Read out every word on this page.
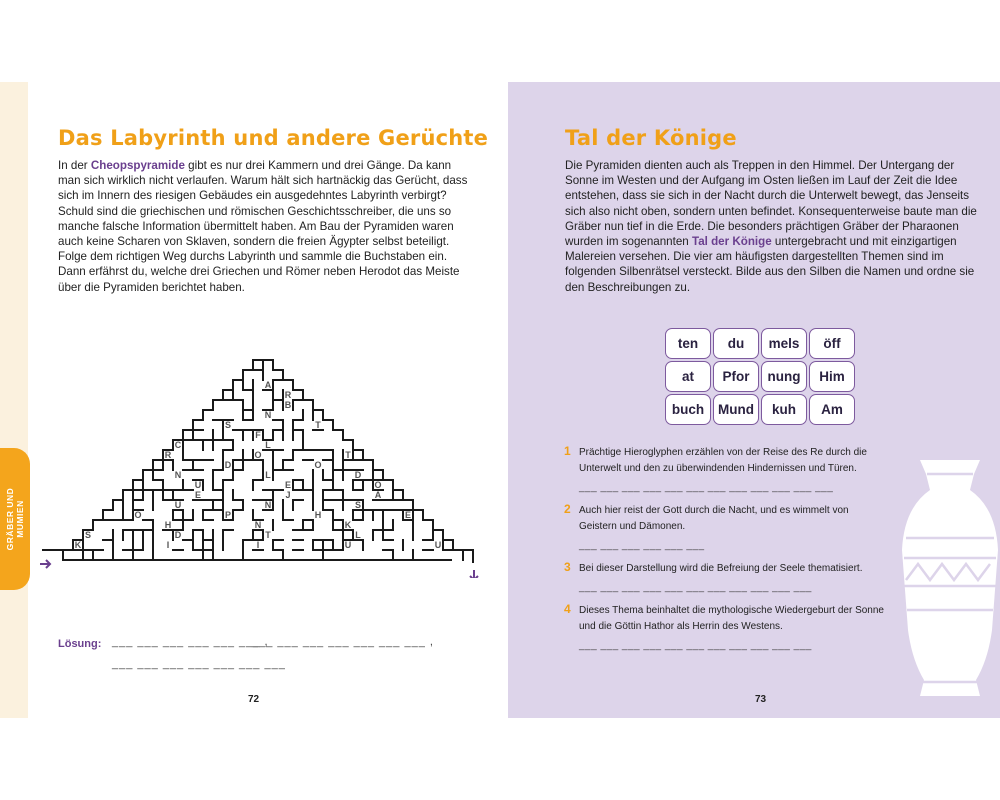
GRÄBER UND
MUMIEN
Das Labyrinth und andere Gerüchte

In der Cheopspyramide gibt es nur drei Kammern und drei Gänge. Da kann man sich wirklich nicht verlaufen. Warum hält sich hartnäckig das Gerücht, dass sich im Innern des riesigen Gebäudes ein ausgedehntes Labyrinth verbirgt? Schuld sind die griechischen und römischen Geschichtsschreiber, die uns so manche falsche Information übermittelt haben. Am Bau der Pyramiden waren auch keine Scharen von Sklaven, sondern die freien Ägypter selbst beteiligt. Folge dem richtigen Weg durchs Labyrinth und sammle die Buchstaben ein. Dann erfährst du, welche drei Griechen und Römer neben Herodot das Meiste über die Pyramiden berichtet haben.

A
R
B
N
S	T
F
C	L
R	O	T
D	O
N	L	D
U	E	O
E	J	A
U	N	S
O	P	H	E
H	N	K
S	D	T	L
K	I	I	U	U
Lösung: ___ ___ ___ ___ ___ ___ ,
___ ___ ___ ___ ___ ___ ___ ,
___ ___ ___ ___ ___ ___ ___
72
Tal der Könige

Die Pyramiden dienten auch als Treppen in den Himmel. Der Untergang der Sonne im Westen und der Aufgang im Osten ließen im Lauf der Zeit die Idee entstehen, dass sie sich in der Nacht durch die Unterwelt bewegt, das Jenseits sich also nicht oben, sondern unten befindet. Konsequenterweise baute man die Gräber nun tief in die Erde. Die besonders prächtigen Gräber der Pharaonen wurden im sogenannten Tal der Könige untergebracht und mit einzigartigen Malereien versehen. Die vier am häufigsten dargestellten Themen sind im folgenden Silbenrätsel versteckt. Bilde aus den Silben die Namen und ordne sie den Beschreibungen zu.

ten	du	mels	öff
at	Pfor	nung	Him
buch	Mund	kuh	Am
1 Prächtige Hieroglyphen erzählen von der Reise des Re durch die Unterwelt und den zu überwindenden Hindernissen und Türen.
___ ___ ___ ___ ___ ___ ___ ___ ___ ___ ___ ___
2 Auch hier reist der Gott durch die Nacht, und es wimmelt von Geistern und Dämonen.
___ ___ ___ ___ ___ ___
3 Bei dieser Darstellung wird die Befreiung der Seele thematisiert.
___ ___ ___ ___ ___ ___ ___ ___ ___ ___ ___
4 Dieses Thema beinhaltet die mythologische Wiedergeburt der Sonne und die Göttin Hathor als Herrin des Westens.
___ ___ ___ ___ ___ ___ ___ ___ ___ ___ ___
73
